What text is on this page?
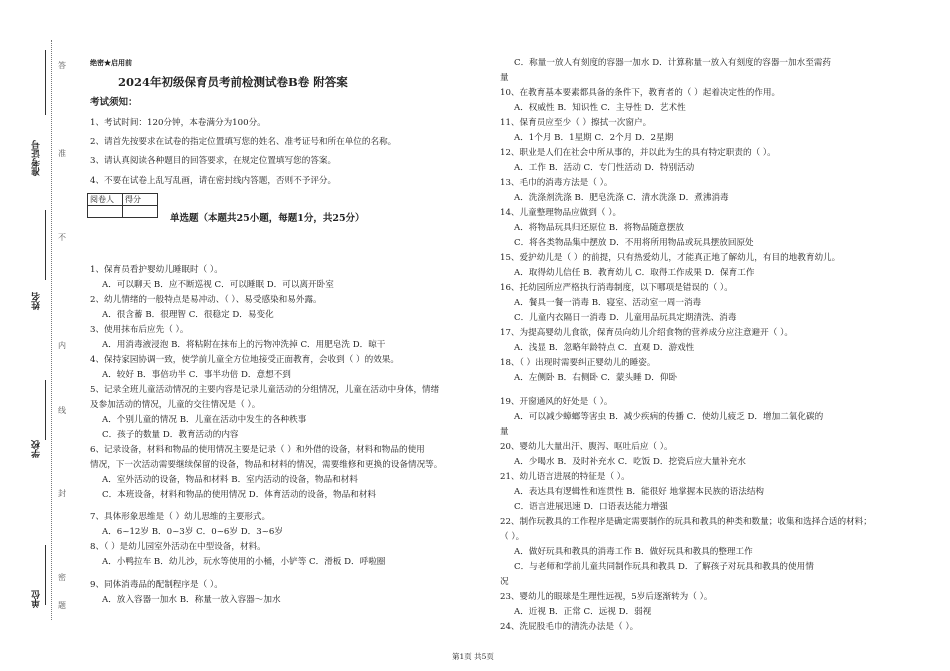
准考证号
姓名
学校
单位 题
答
准
不
内
线
封
密
绝密★启用前
2024年初级保育员考前检测试卷B卷 附答案
考试须知：
1、考试时间：120分钟，本卷满分为100分。
2、请首先按要求在试卷的指定位置填写您的姓名、准考证号和所在单位的名称。
3、请认真阅读各种题目的回答要求，在规定位置填写您的答案。
4、不要在试卷上乱写乱画，请在密封线内答题，否则不予评分。
阅卷人	得分

单选题（本题共25小题，每题1分，共25分）
1、保育员看护婴幼儿睡眠时（ ）。
A．可以聊天 B．应不断巡视 C．可以睡眠 D．可以离开卧室
2、幼儿情绪的一般特点是易冲动、（ ）、易受感染和易外露。
A．很含蓄 B．很理智 C．很稳定 D．易变化
3、使用抹布后应先（ ）。
A．用消毒液浸泡 B．将粘附在抹布上的污物冲洗掉 C．用肥皂洗 D．晾干
4、保持家园协调一致，使学前儿童全方位地接受正面教育，会收到（ ）的效果。
A．较好 B．事倍功半 C．事半功倍 D．意想不到
5、记录全班儿童活动情况的主要内容是记录儿童活动的分组情况，儿童在活动中身体，情绪
及参加活动的情况，儿童的交往情况是（ ）。
A．个别儿童的情况 B．儿童在活动中发生的各种秩事
C．孩子的数量 D．教育活动的内容
6、记录设备，材料和物品的使用情况主要是记录（ ）和外借的设备，材料和物品的使用
情况，下一次活动需要继续保留的设备，物品和材料的情况，需要维修和更换的设备情况等。
A．室外活动的设备，物品和材料 B．室内活动的设备，物品和材料
C．本班设备，材料和物品的使用情况 D．体育活动的设备，物品和材料
7、具体形象思维是（ ）幼儿思维的主要形式。
A．6~12岁 B．0~3岁 C．0~6岁 D．3~6岁
8、（ ）是幼儿园室外活动在中型设备，材料。
A．小鸭拉车 B．幼儿沙，玩水等使用的小桶，小铲等 C．滑板 D．呼啦圈
9、同体消毒品的配制程序是（ ）。
A．放入容器一加水 B．称量一放入容器～加水
C．称量一放人有刻度的容器一加水 D．计算称量一放入有刻度的容器一加水至需药
量
10、在教育基本要素都具备的条件下，教育者的（ ）起着决定性的作用。
A．权威性 B．知识性 C．主导性 D．艺术性
11、保育员应至少（ ）擦拭一次窗户。
A．1个月 B．1星期 C．2个月 D．2星期
12、职业是人们在社会中所从事的，并以此为生的具有特定职责的（ ）。
A．工作 B．活动 C．专门性活动 D．特别活动
13、毛巾的消毒方法是（ ）。
A．洗涤剂洗涤 B．肥皂洗涤 C．清水洗涤 D．煮沸消毒
14、儿童整理物品应做到（ ）。
A．将物品玩具归还原位 B．将物品随意摆放
C．将各类物品集中摆放 D．不用将所用物品或玩具摆放回原处
15、爱护幼儿是（ ）的前提，只有热爱幼儿，才能真正地了解幼儿，有目的地教育幼儿。
A．取得幼儿信任 B．教育幼儿 C．取得工作成果 D．保育工作
16、托幼园所应严格执行消毒制度，以下哪项是错误的（ ）。
A．餐具一餐一消毒 B．寝室、活动室一周一消毒
C．儿童内衣隔日一消毒 D．儿童用品玩具定期清洗、消毒
17、为提高婴幼儿食欲，保育员向幼儿介绍食物的营养成分应注意避开（ ）。
A．浅显 B．忽略年龄特点 C．直观 D．游戏性
18、（ ）出现时需要纠正婴幼儿的睡姿。
A．左侧卧 B．右侧卧 C．蒙头睡 D．仰卧
19、开窗通风的好处是（ ）。
A．可以减少蟑螂等害虫 B．减少疾病的传播 C．使幼儿疲乏 D．增加二氧化碳的
量
20、婴幼儿大量出汗、腹泻、呕吐后应（ ）。
A．少喝水 B．及时补充水 C．吃饭 D．挖瓷后应大量补充水
21、幼儿语言进展的特征是（ ）。
A．表达具有逻辑性和连贯性 B．能很好 地掌握本民族的语法结构
C．语言进展迅速 D．口语表达能力增强
22、制作玩教具的工作程序是确定需要制作的玩具和教具的种类和数量；收集和选择合适的材料；
（ ）。
A．做好玩具和教具的消毒工作 B．做好玩具和教具的整理工作
C．与老师和学前儿童共同制作玩具和教具 D．了解孩子对玩具和教具的使用情
况
23、婴幼儿的眼球是生理性远视，5岁后逐渐转为（ ）。
A．近视 B．正常 C．远视 D．弱视
24、洗屁股毛巾的清洗办法是（ ）。
第1页 共5页
